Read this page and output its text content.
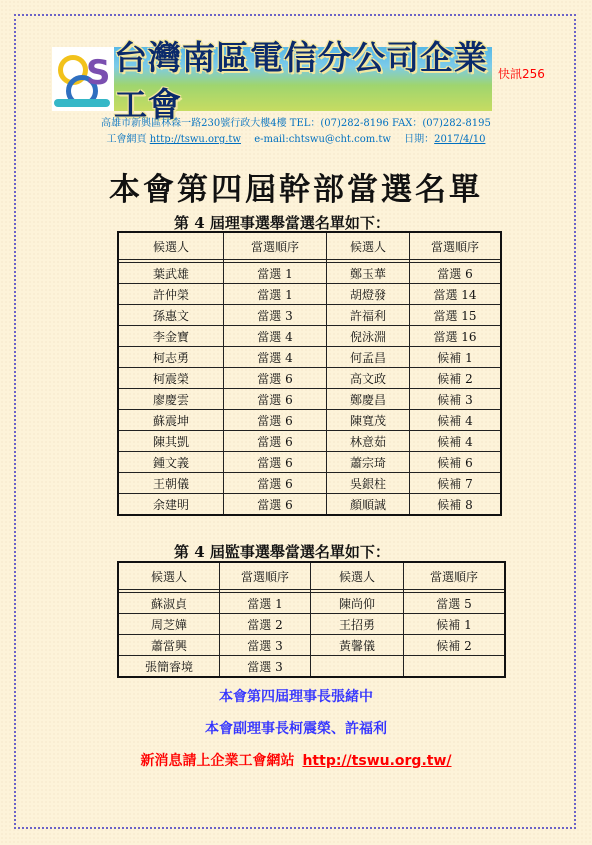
S 台灣南區電信分公司企業工會
快訊256
高雄市新興區林森一路230號行政大樓4樓 TEL：(07)282-8196 FAX：(07)282-8195
工會網頁 http://tswu.org.tw e-mail:chtswu@cht.com.tw 日期：2017/4/10
本會第四屆幹部當選名單
第 4 屆理事選舉當選名單如下：
候選人	當選順序	候選人	當選順序

葉武雄	當選 1	鄭玉華	當選 6
許仲榮	當選 1	胡燈發	當選 14
孫惠文	當選 3	許福利	當選 15
李金寶	當選 4	倪泳淵	當選 16
柯志勇	當選 4	何孟昌	候補 1
柯震榮	當選 6	高文政	候補 2
廖慶雲	當選 6	鄭慶昌	候補 3
蘇震坤	當選 6	陳寬茂	候補 4
陳其凱	當選 6	林意茹	候補 4
鍾文義	當選 6	蕭宗琦	候補 6
王朝儀	當選 6	吳銀柱	候補 7
余建明	當選 6	顏順誠	候補 8
第 4 屆監事選舉當選名單如下：
候選人	當選順序	候選人	當選順序

蘇淑貞	當選 1	陳尚仰	當選 5
周芝嬅	當選 2	王招勇	候補 1
蕭當興	當選 3	黃馨儀	候補 2
張簡睿境	當選 3		
本會第四屆理事長張緒中
本會副理事長柯震榮、許福利
新消息請上企業工會網站 http://tswu.org.tw/
